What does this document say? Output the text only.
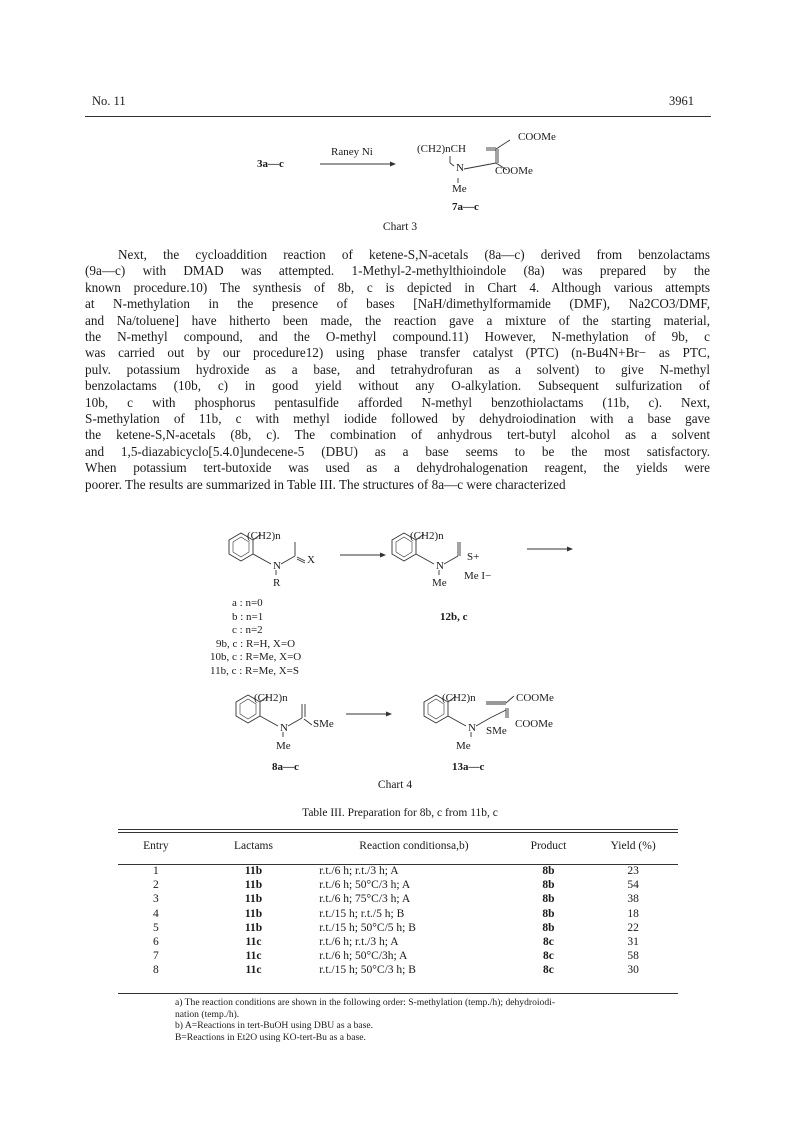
No. 11	3961
3a—c
Raney Ni	(CH2)nCH
COOMe
COOMe
N
Me
7a—c
Chart 3
Next, the cycloaddition reaction of ketene-S,N-acetals (8a—c) derived from benzolactams
(9a—c) with DMAD was attempted. 1-Methyl-2-methylthioindole (8a) was prepared by the
known procedure.10) The synthesis of 8b, c is depicted in Chart 4. Although various attempts
at N-methylation in the presence of bases [NaH/dimethylformamide (DMF), Na2CO3/DMF,
and Na/toluene] have hitherto been made, the reaction gave a mixture of the starting material,
the N-methyl compound, and the O-methyl compound.11) However, N-methylation of 9b, c
was carried out by our procedure12) using phase transfer catalyst (PTC) (n-Bu4N+Br− as PTC,
pulv. potassium hydroxide as a base, and tetrahydrofuran as a solvent) to give N-methyl
benzolactams (10b, c) in good yield without any O-alkylation. Subsequent sulfurization of
10b, c with phosphorus pentasulfide afforded N-methyl benzothiolactams (11b, c). Next,
S-methylation of 11b, c with methyl iodide followed by dehydroiodination with a base gave
the ketene-S,N-acetals (8b, c). The combination of anhydrous tert-butyl alcohol as a solvent
and 1,5-diazabicyclo[5.4.0]undecene-5 (DBU) as a base seems to be the most satisfactory.
When potassium tert-butoxide was used as a dehydrohalogenation reagent, the yields were
poorer. The results are summarized in Table III. The structures of 8a—c were characterized
(CH2)n
N X
R
(CH2)n
N
S+
Me
Me I−
12b, c
a : n=0
b : n=1
c : n=2
9b, c : R=H, X=O
10b, c : R=Me, X=O
11b, c : R=Me, X=S
(CH2)n
N SMe
Me
8a—c
(CH2)n	COOMe
COOMe
N SMe
Me
13a—c
Chart 4
Table III. Preparation for 8b, c from 11b, c
Entry	Lactams	Reaction conditionsa,b)	Product	Yield (%)
1	11b	r.t./6 h; r.t./3 h; A	8b	23
2	11b	r.t./6 h; 50°C/3 h; A	8b	54
3	11b	r.t./6 h; 75°C/3 h; A	8b	38
4	11b	r.t./15 h; r.t./5 h; B	8b	18
5	11b	r.t./15 h; 50°C/5 h; B	8b	22
6	11c	r.t./6 h; r.t./3 h; A	8c	31
7	11c	r.t./6 h; 50°C/3h; A	8c	58
8	11c	r.t./15 h; 50°C/3 h; B	8c	30
a) The reaction conditions are shown in the following order: S-methylation (temp./h); dehydroiodi-
nation (temp./h).
b) A=Reactions in tert-BuOH using DBU as a base.
B=Reactions in Et2O using KO-tert-Bu as a base.
